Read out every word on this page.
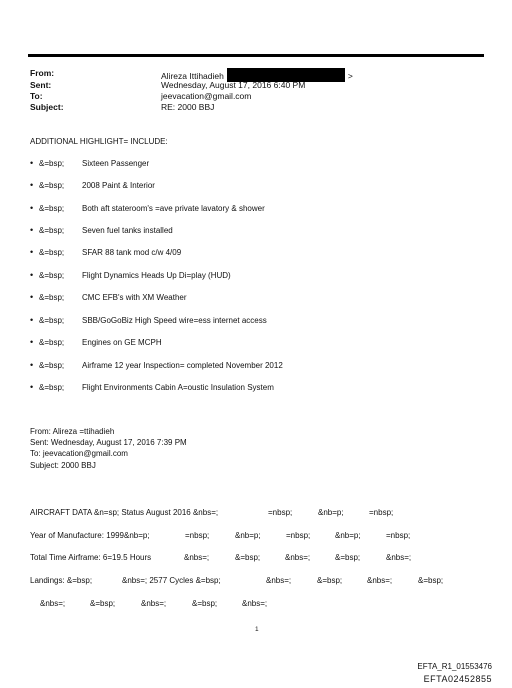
From:	Alireza Ittihadieh	>
Sent:	Wednesday, August 17, 2016 6:40 PM
To:	jeevacation@gmail.com
Subject:	RE: 2000 BBJ
ADDITIONAL HIGHLIGHT= INCLUDE:
• &=bsp; Sixteen Passenger
• &=bsp; 2008 Paint & Interior
• &=bsp; Both aft stateroom's =ave private lavatory & shower
• &=bsp; Seven fuel tanks installed
• &=bsp; SFAR 88 tank mod c/w 4/09
• &=bsp; Flight Dynamics Heads Up Di=play (HUD)
• &=bsp; CMC EFB's with XM Weather
• &=bsp; SBB/GoGoBiz High Speed wire=ess internet access
• &=bsp; Engines on GE MCPH
• &=bsp; Airframe 12 year Inspection= completed November 2012
• &=bsp; Flight Environments Cabin A=oustic Insulation System
From: Alireza =ttihadieh
Sent: Wednesday, August 17, 2016 7:39 PM
To: jeevacation@gmail.com
Subject: 2000 BBJ
AIRCRAFT DATA &n=sp; Status August 2016 &nbs=;	=nbsp;	&nb=p;	=nbsp;
Year of Manufacture: 1999&nb=p;	=nbsp;	&nb=p;	=nbsp;	&nb=p;	=nbsp;
Total Time Airframe: 6=19.5 Hours	&nbs=;	&=bsp;	&nbs=;	&=bsp;	&nbs=;
Landings: &=bsp;	&nbs=; 2577 Cycles &=bsp;	&nbs=;	&=bsp;	&nbs=;	&=bsp;
&nbs=;	&=bsp;	&nbs=;	&=bsp;	&nbs=;
1
EFTA_R1_01553476
EFTA02452855
